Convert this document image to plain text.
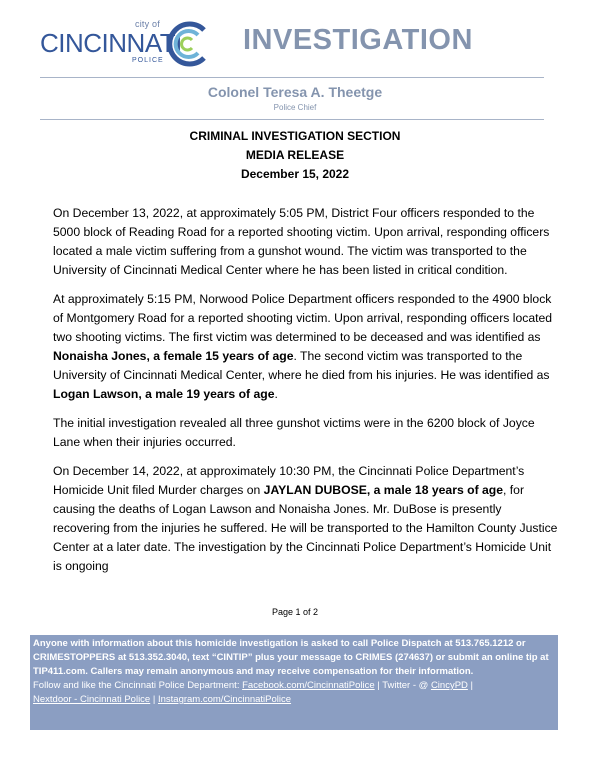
city of
CINCINNATI
POLICE
INVESTIGATION
Colonel Teresa A. Theetge
Police Chief
CRIMINAL INVESTIGATION SECTION
MEDIA RELEASE
December 15, 2022

On December 13, 2022, at approximately 5:05 PM, District Four officers responded to the 5000 block of Reading Road for a reported shooting victim. Upon arrival, responding officers located a male victim suffering from a gunshot wound. The victim was transported to the University of Cincinnati Medical Center where he has been listed in critical condition.

At approximately 5:15 PM, Norwood Police Department officers responded to the 4900 block of Montgomery Road for a reported shooting victim. Upon arrival, responding officers located two shooting victims. The first victim was determined to be deceased and was identified as Nonaisha Jones, a female 15 years of age. The second victim was transported to the University of Cincinnati Medical Center, where he died from his injuries. He was identified as Logan Lawson, a male 19 years of age.

The initial investigation revealed all three gunshot victims were in the 6200 block of Joyce Lane when their injuries occurred.

On December 14, 2022, at approximately 10:30 PM, the Cincinnati Police Department’s Homicide Unit filed Murder charges on JAYLAN DUBOSE, a male 18 years of age, for causing the deaths of Logan Lawson and Nonaisha Jones. Mr. DuBose is presently recovering from the injuries he suffered. He will be transported to the Hamilton County Justice Center at a later date. The investigation by the Cincinnati Police Department’s Homicide Unit is ongoing

Page 1 of 2
Anyone with information about this homicide investigation is asked to call Police Dispatch at 513.765.1212 or CRIMESTOPPERS at 513.352.3040, text “CINTIP” plus your message to CRIMES (274637) or submit an online tip at TIP411.com. Callers may remain anonymous and may receive compensation for their information.
Follow and like the Cincinnati Police Department: Facebook.com/CincinnatiPolice | Twitter - @ CincyPD |
Nextdoor - Cincinnati Police | Instagram.com/CincinnatiPolice
